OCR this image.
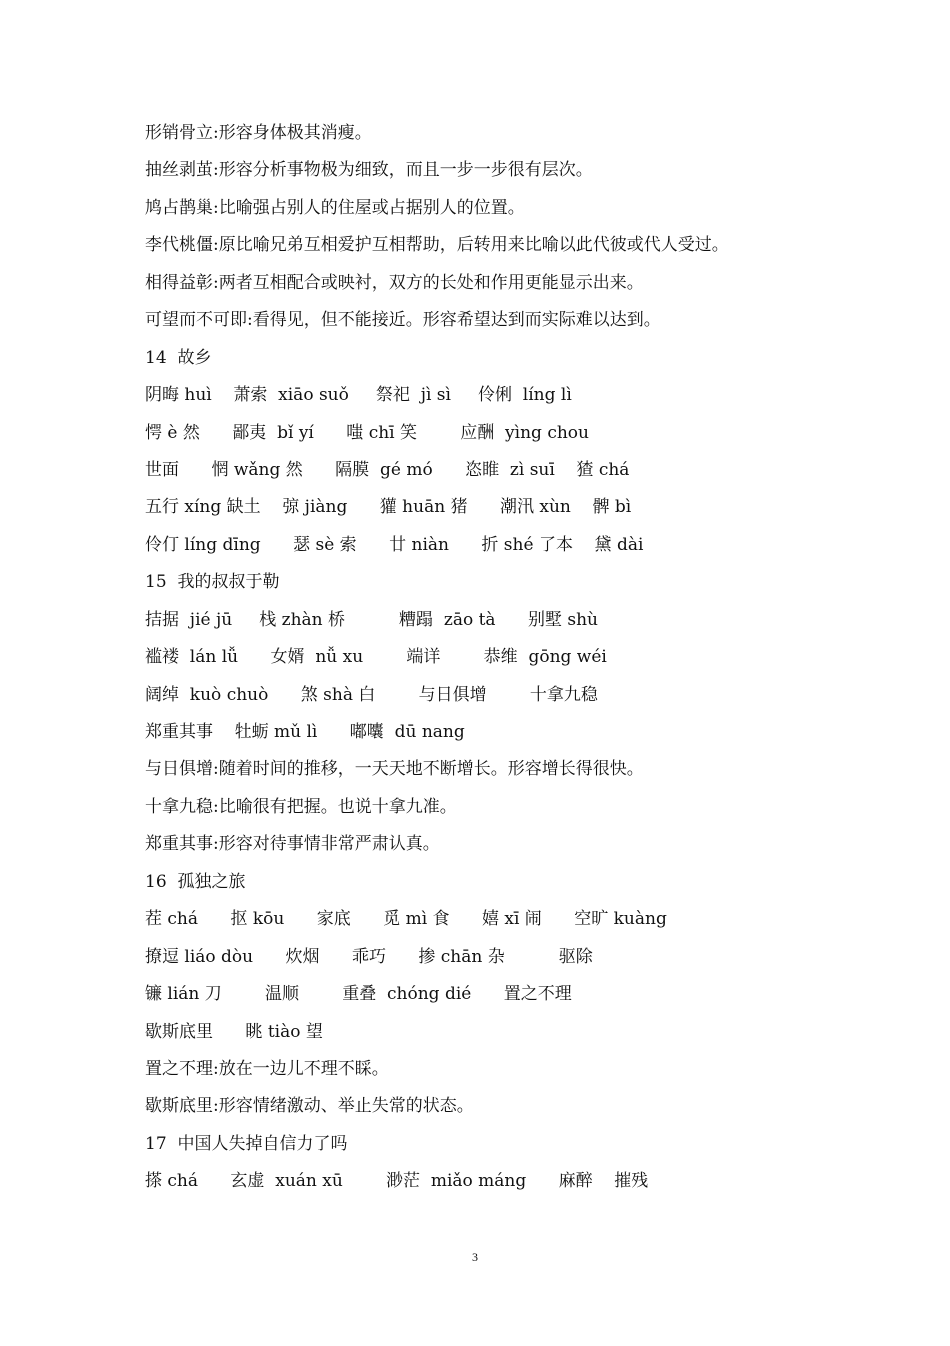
形销骨立:形容身体极其消瘦。
抽丝剥茧:形容分析事物极为细致，而且一步一步很有层次。
鸠占鹊巢:比喻强占别人的住屋或占据别人的位置。
李代桃僵:原比喻兄弟互相爱护互相帮助，后转用来比喻以此代彼或代人受过。
相得益彰:两者互相配合或映衬，双方的长处和作用更能显示出来。
可望而不可即:看得见，但不能接近。形容希望达到而实际难以达到。
14  故乡
阴晦 huì    萧索  xiāo suǒ     祭祀  jì sì     伶俐  líng lì
愕 è 然      鄙夷  bǐ yí      嗤 chī 笑        应酬  yìng chou
世面      惘 wǎng 然      隔膜  gé mó      恣睢  zì suī    猹 chá
五行 xíng 缺土    弶 jiàng      獾 huān 猪      潮汛 xùn    髀 bì
伶仃 líng dīng      瑟 sè 索      廿 niàn      折 shé 了本    黛 dài
15  我的叔叔于勒
拮据  jié jū     栈 zhàn 桥          糟蹋  zāo tà      别墅 shù
褴褛  lán lǚ      女婿  nǚ xu        端详        恭维  gōng wéi
阔绰  kuò chuò      煞 shà 白        与日俱增        十拿九稳
郑重其事    牡蛎 mǔ lì      嘟囔  dū nang
与日俱增:随着时间的推移，一天天地不断增长。形容增长得很快。
十拿九稳:比喻很有把握。也说十拿九准。
郑重其事:形容对待事情非常严肃认真。
16  孤独之旅
茬 chá      抠 kōu      家底      觅 mì 食      嬉 xī 闹      空旷 kuàng
撩逗 liáo dòu      炊烟      乖巧      掺 chān 杂          驱除
镰 lián 刀        温顺        重叠  chóng dié      置之不理
歇斯底里      眺 tiào 望
置之不理:放在一边儿不理不睬。
歇斯底里:形容情绪激动、举止失常的状态。
17  中国人失掉自信力了吗
搽 chá      玄虚  xuán xū        渺茫  miǎo máng      麻醉    摧残
3
